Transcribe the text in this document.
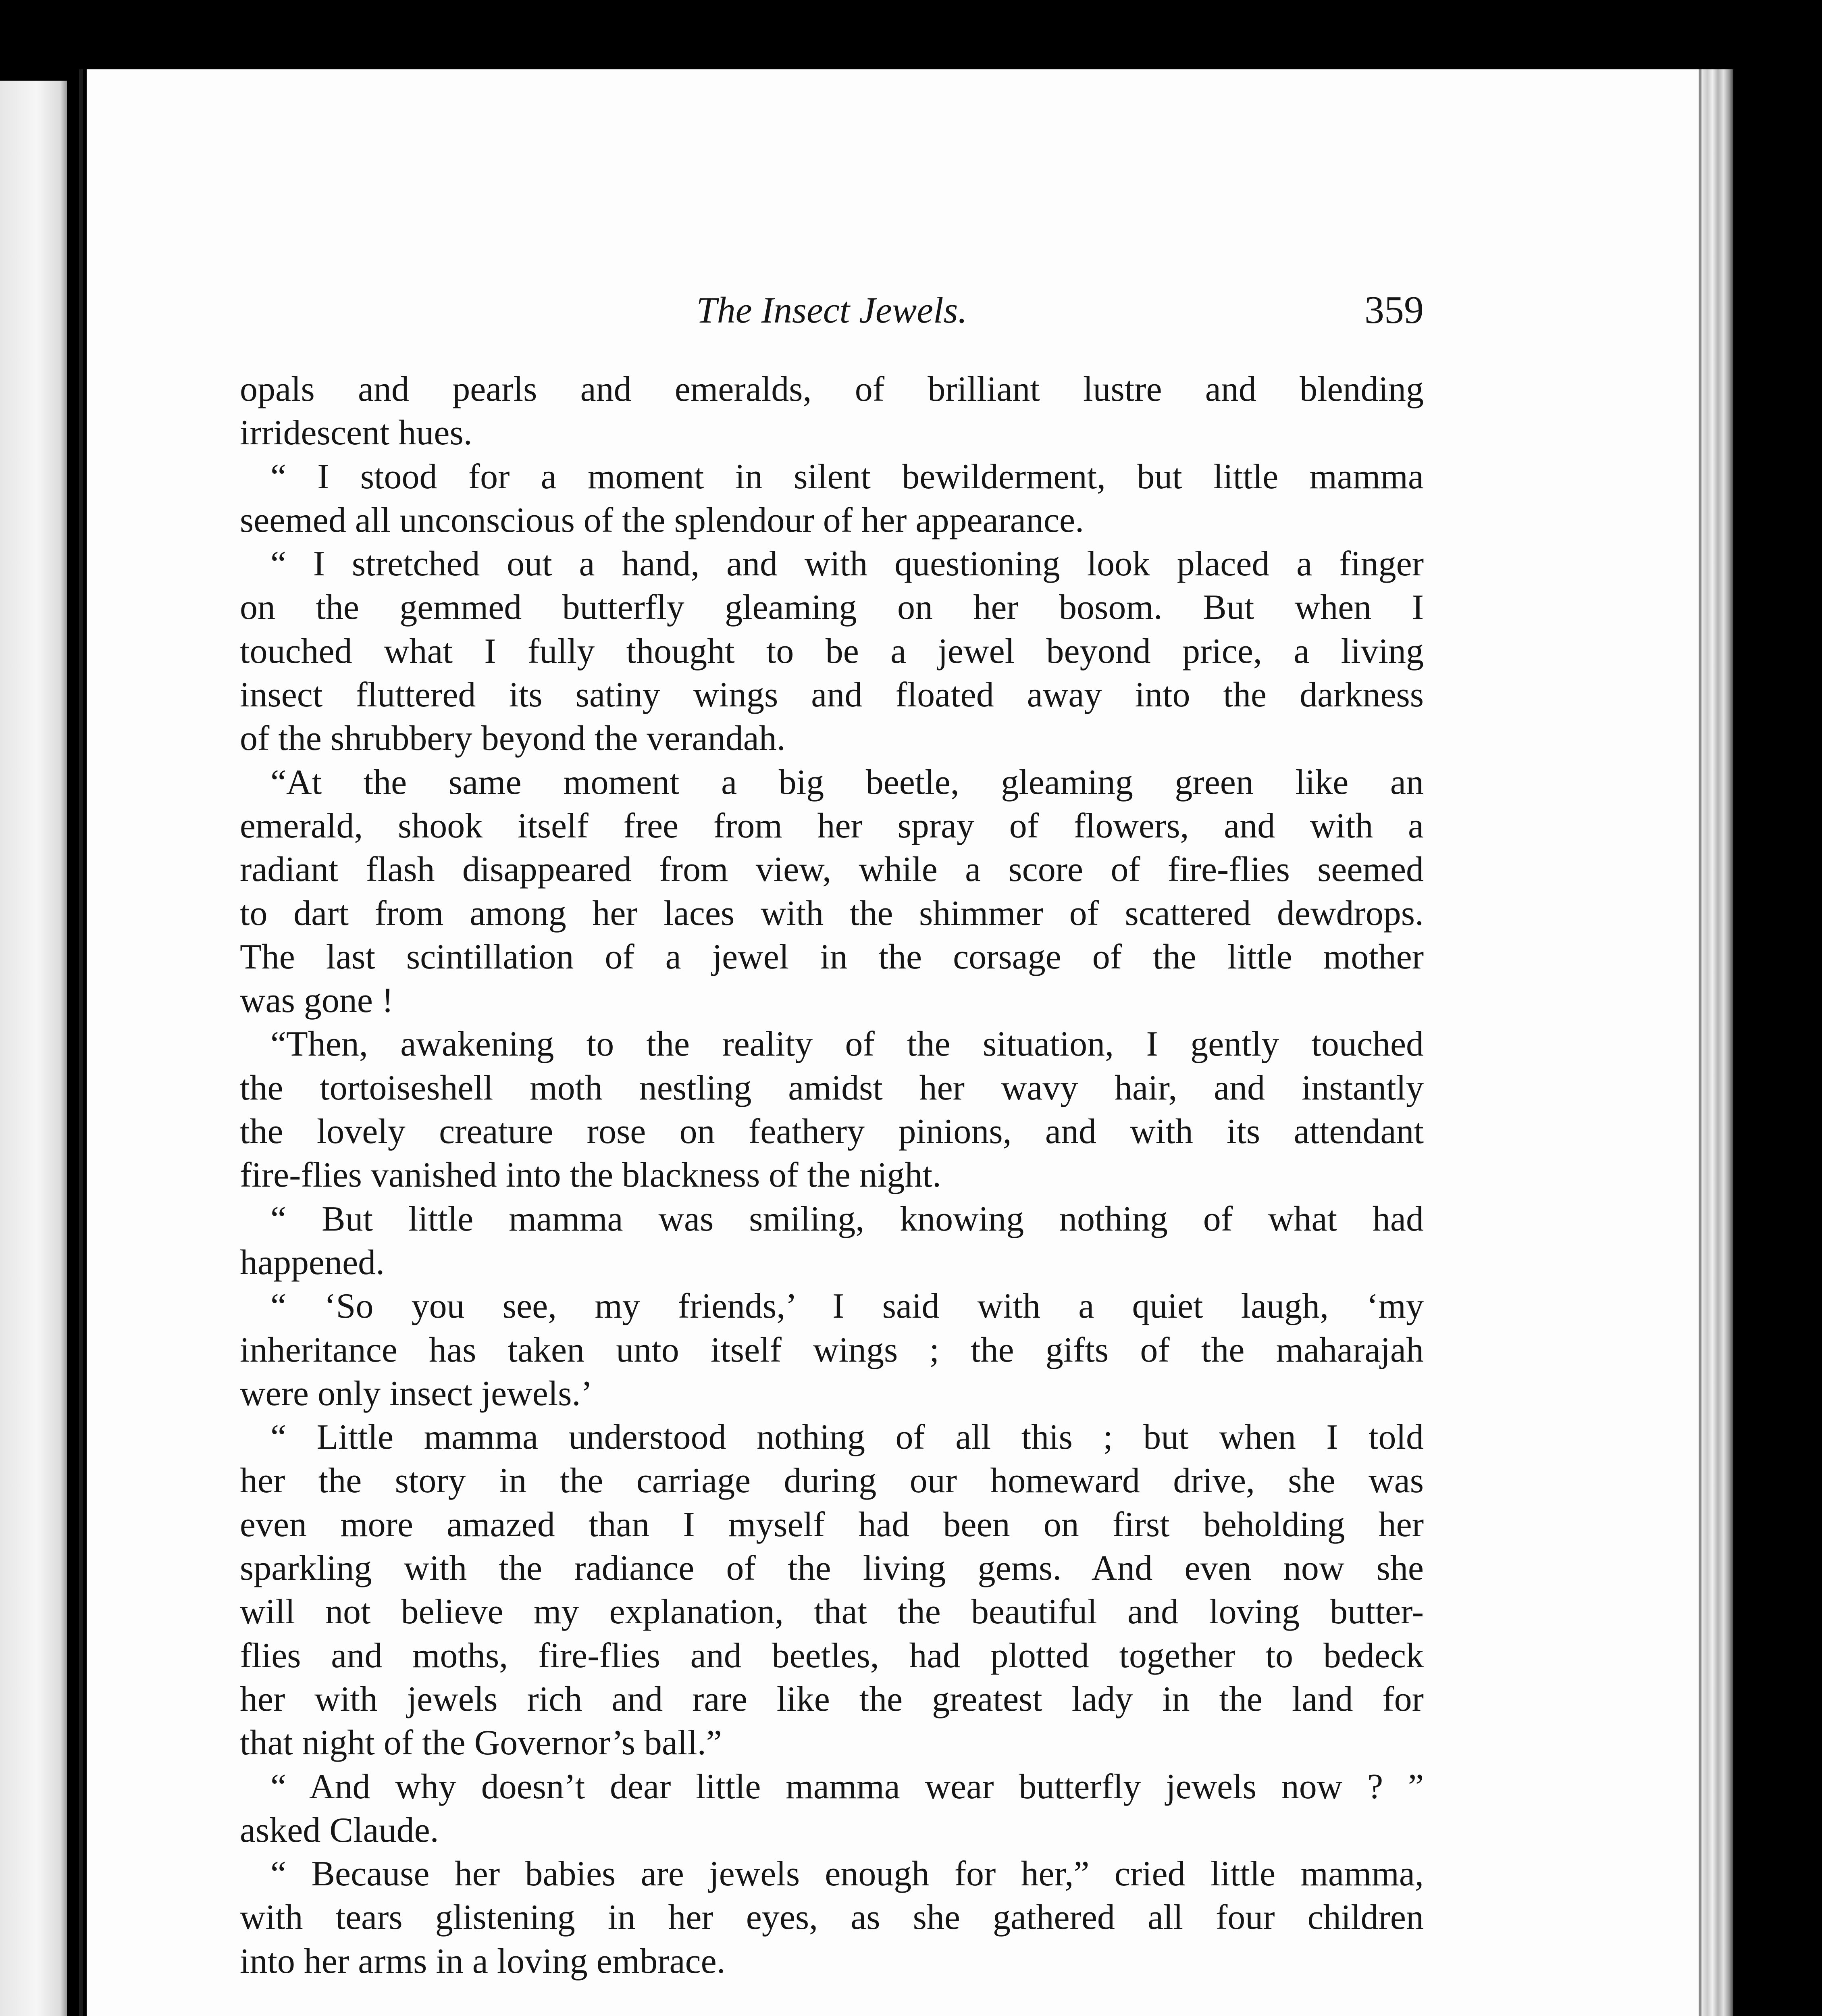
The Insect Jewels.	359
opals and pearls and emeralds, of brilliant lustre and blending
irridescent hues.
“ I stood for a moment in silent bewilderment, but little mamma
seemed all unconscious of the splendour of her appearance.
“ I stretched out a hand, and with questioning look placed a finger
on the gemmed butterfly gleaming on her bosom. But when I
touched what I fully thought to be a jewel beyond price, a living
insect fluttered its satiny wings and floated away into the darkness
of the shrubbery beyond the verandah.
“At the same moment a big beetle, gleaming green like an
emerald, shook itself free from her spray of flowers, and with a
radiant flash disappeared from view, while a score of fire-flies seemed
to dart from among her laces with the shimmer of scattered dewdrops.
The last scintillation of a jewel in the corsage of the little mother
was gone !
“Then, awakening to the reality of the situation, I gently touched
the tortoiseshell moth nestling amidst her wavy hair, and instantly
the lovely creature rose on feathery pinions, and with its attendant
fire-flies vanished into the blackness of the night.
“ But little mamma was smiling, knowing nothing of what had
happened.
“ ‘So you see, my friends,’ I said with a quiet laugh, ‘my
inheritance has taken unto itself wings ; the gifts of the maharajah
were only insect jewels.’
“ Little mamma understood nothing of all this ; but when I told
her the story in the carriage during our homeward drive, she was
even more amazed than I myself had been on first beholding her
sparkling with the radiance of the living gems. And even now she
will not believe my explanation, that the beautiful and loving butter-
flies and moths, fire-flies and beetles, had plotted together to bedeck
her with jewels rich and rare like the greatest lady in the land for
that night of the Governor’s ball.”
“ And why doesn’t dear little mamma wear butterfly jewels now ? ”
asked Claude.
“ Because her babies are jewels enough for her,” cried little mamma,
with tears glistening in her eyes, as she gathered all four children
into her arms in a loving embrace.
